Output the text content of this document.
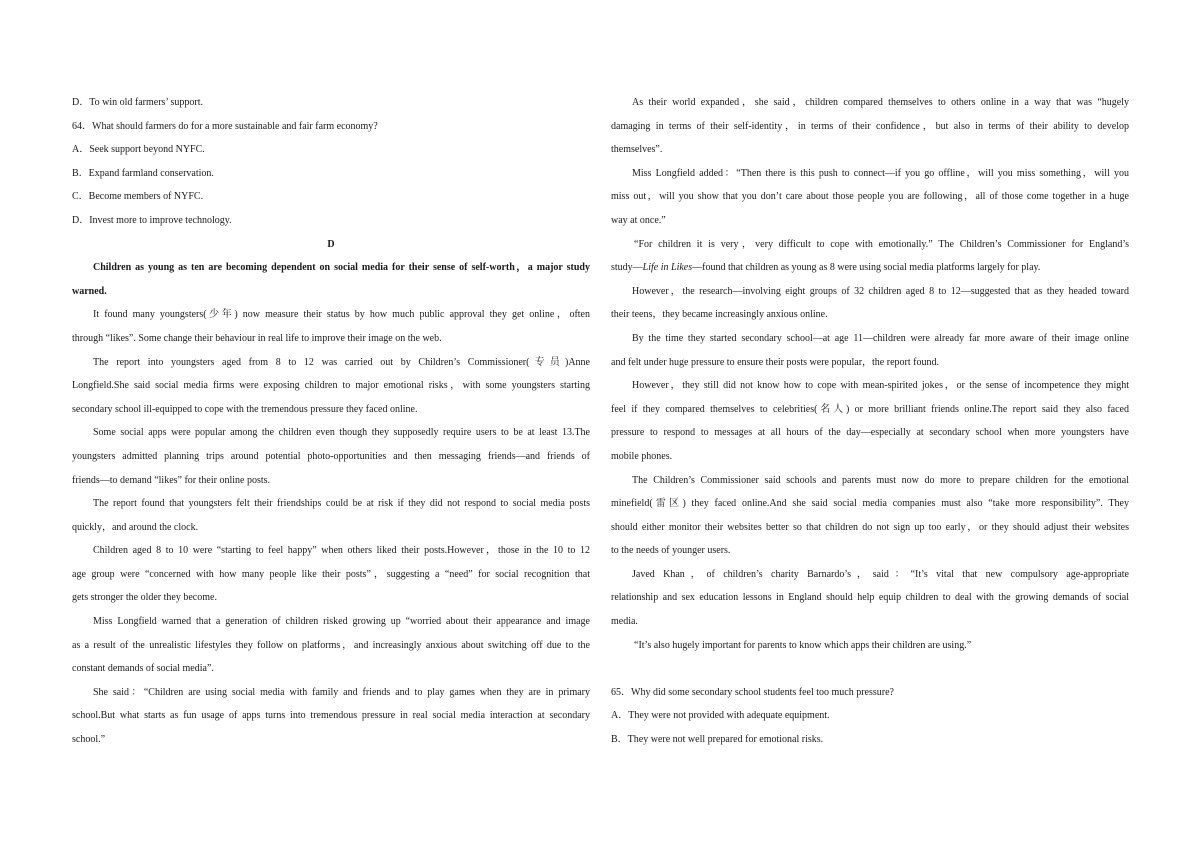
D．To win old farmers’ support.
64．What should farmers do for a more sustainable and fair farm economy?
A．Seek support beyond NYFC.
B．Expand farmland conservation.
C．Become members of NYFC.
D．Invest more to improve technology.
D
Children as young as ten are becoming dependent on social media for their sense of self-worth，a major study
warned.
It found many youngsters(少年) now measure their status by how much public approval they get online，often
through “likes”. Some change their behaviour in real life to improve their image on the web.
The report into youngsters aged from 8 to 12 was carried out by Children’s Commissioner(专员)Anne
Longfield.She said social media firms were exposing children to major emotional risks，with some youngsters starting
secondary school ill-equipped to cope with the tremendous pressure they faced online.
Some social apps were popular among the children even though they supposedly require users to be at least 13.The
youngsters admitted planning trips around potential photo-opportunities and then messaging friends—and friends of
friends—to demand “likes” for their online posts.
The report found that youngsters felt their friendships could be at risk if they did not respond to social media posts
quickly，and around the clock.
Children aged 8 to 10 were “starting to feel happy” when others liked their posts.However，those in the 10 to 12
age group were “concerned with how many people like their posts”，suggesting a “need” for social recognition that
gets stronger the older they become.
Miss Longfield warned that a generation of children risked growing up “worried about their appearance and image
as a result of the unrealistic lifestyles they follow on platforms，and increasingly anxious about switching off due to the
constant demands of social media”.
She said：“Children are using social media with family and friends and to play games when they are in primary
school.But what starts as fun usage of apps turns into tremendous pressure in real social media interaction at secondary
school.”
As their world expanded，she said，children compared themselves to others online in a way that was “hugely
damaging in terms of their self-identity，in terms of their confidence，but also in terms of their ability to develop
themselves”.
Miss Longfield added：“Then there is this push to connect—if you go offline，will you miss something，will you
miss out，will you show that you don’t care about those people you are following，all of those come together in a huge
way at once.”
“For children it is very，very difficult to cope with emotionally.” The Children’s Commissioner for England’s
study—Life in Likes—found that children as young as 8 were using social media platforms largely for play.
However，the research—involving eight groups of 32 children aged 8 to 12—suggested that as they headed toward
their teens，they became increasingly anxious online.
By the time they started secondary school—at age 11—children were already far more aware of their image online
and felt under huge pressure to ensure their posts were popular，the report found.
However，they still did not know how to cope with mean-spirited jokes，or the sense of incompetence they might
feel if they compared themselves to celebrities(名人) or more brilliant friends online.The report said they also faced
pressure to respond to messages at all hours of the day—especially at secondary school when more youngsters have
mobile phones.
The Children’s Commissioner said schools and parents must now do more to prepare children for the emotional
minefield(雷区) they faced online.And she said social media companies must also “take more responsibility”. They
should either monitor their websites better so that children do not sign up too early，or they should adjust their websites
to the needs of younger users.
Javed Khan，of children’s charity Barnardo’s，said：“It’s vital that new compulsory age-appropriate
relationship and sex education lessons in England should help equip children to deal with the growing demands of social
media.
“It’s also hugely important for parents to know which apps their children are using.”
65．Why did some secondary school students feel too much pressure?
A．They were not provided with adequate equipment.
B．They were not well prepared for emotional risks.
